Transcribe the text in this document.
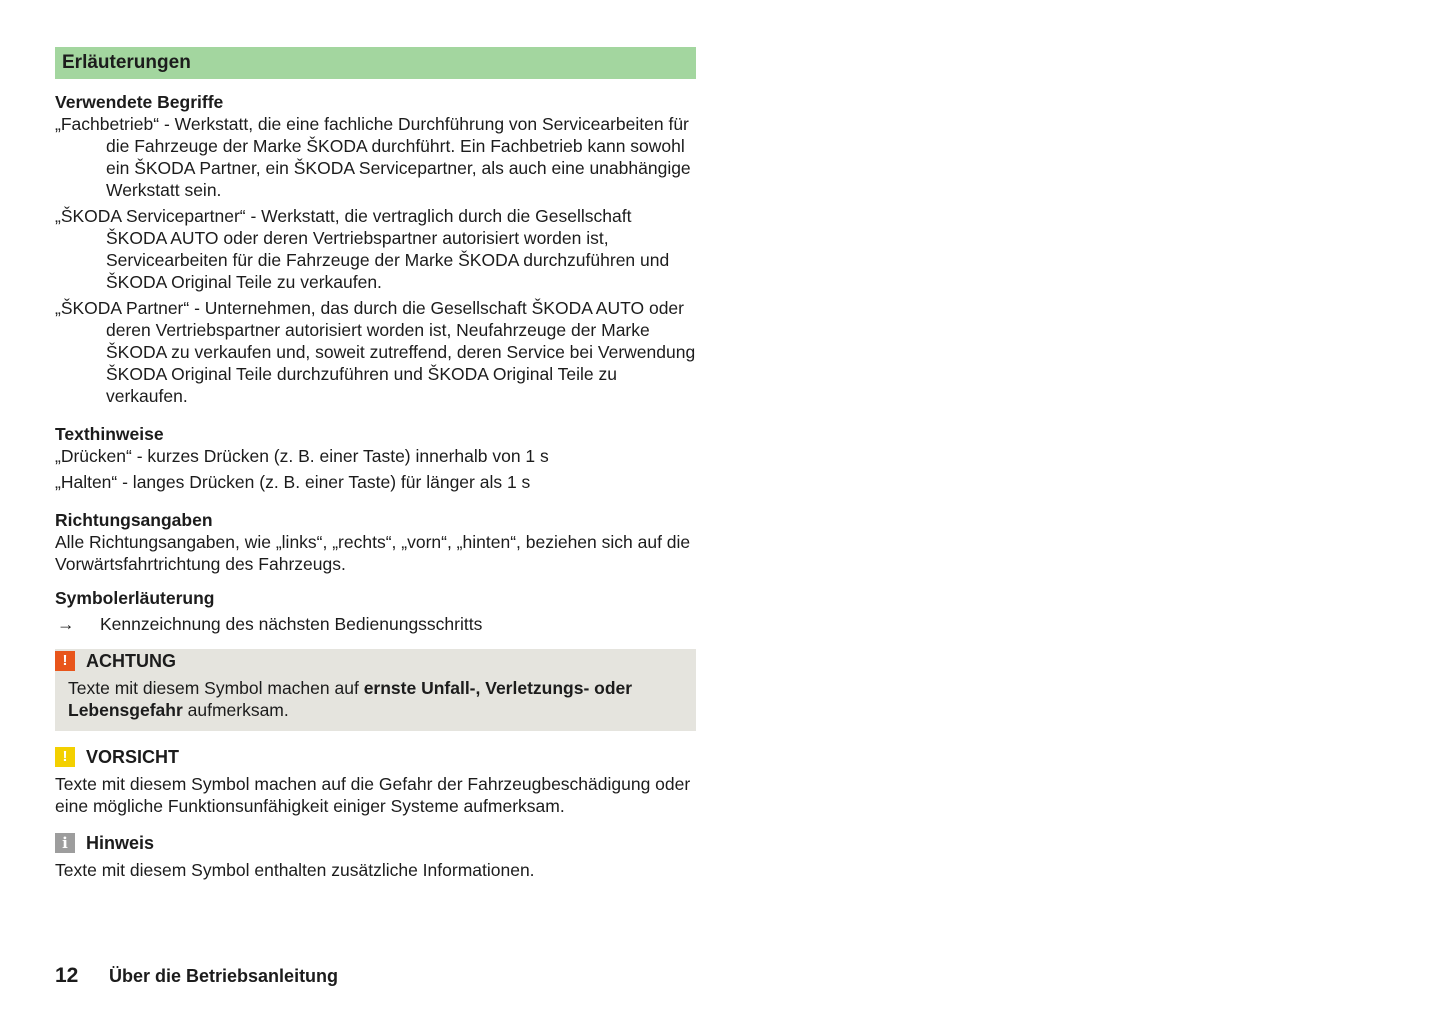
Erläuterungen
Verwendete Begriffe
„Fachbetrieb“ - Werkstatt, die eine fachliche Durchführung von Servicearbeiten für die Fahrzeuge der Marke ŠKODA durchführt. Ein Fachbetrieb kann sowohl ein ŠKODA Partner, ein ŠKODA Servicepartner, als auch eine unabhängige Werkstatt sein.
„ŠKODA Servicepartner“ - Werkstatt, die vertraglich durch die Gesellschaft ŠKODA AUTO oder deren Vertriebspartner autorisiert worden ist, Servicearbeiten für die Fahrzeuge der Marke ŠKODA durchzuführen und ŠKODA Original Teile zu verkaufen.
„ŠKODA Partner“ - Unternehmen, das durch die Gesellschaft ŠKODA AUTO oder deren Vertriebspartner autorisiert worden ist, Neufahrzeuge der Marke ŠKODA zu verkaufen und, soweit zutreffend, deren Service bei Verwendung ŠKODA Original Teile durchzuführen und ŠKODA Original Teile zu verkaufen.
Texthinweise
„Drücken“ - kurzes Drücken (z. B. einer Taste) innerhalb von 1 s
„Halten“ - langes Drücken (z. B. einer Taste) für länger als 1 s
Richtungsangaben
Alle Richtungsangaben, wie „links“, „rechts“, „vorn“, „hinten“, beziehen sich auf die Vorwärtsfahrtrichtung des Fahrzeugs.
Symbolerläuterung
→	Kennzeichnung des nächsten Bedienungsschritts
!	ACHTUNG
Texte mit diesem Symbol machen auf ernste Unfall-, Verletzungs- oder Lebensgefahr aufmerksam.
!	VORSICHT
Texte mit diesem Symbol machen auf die Gefahr der Fahrzeugbeschädigung oder eine mögliche Funktionsunfähigkeit einiger Systeme aufmerksam.
i	Hinweis
Texte mit diesem Symbol enthalten zusätzliche Informationen.
12	Über die Betriebsanleitung
